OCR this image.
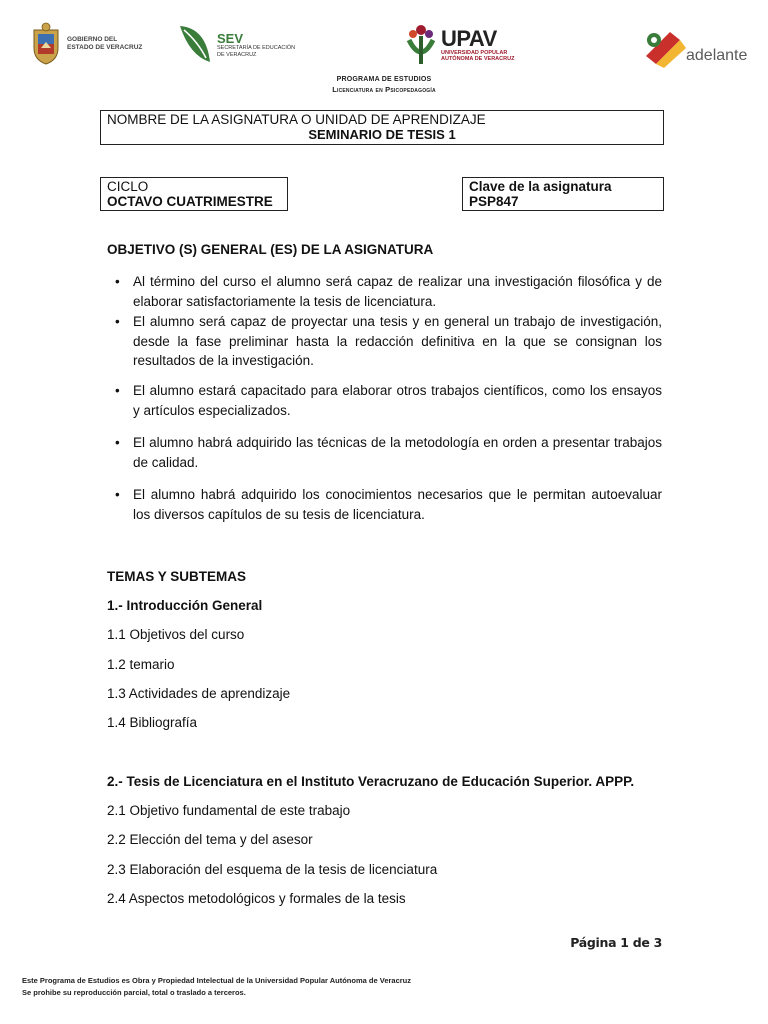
GOBIERNO DEL
ESTADO DE VERACRUZ
SEV
SECRETARÍA DE EDUCACIÓN
DE VERACRUZ
UPAV
UNIVERSIDAD POPULAR
AUTÓNOMA DE VERACRUZ	adelante
PROGRAMA DE ESTUDIOS
Licenciatura en Psicopedagogía
NOMBRE DE LA ASIGNATURA O UNIDAD DE APRENDIZAJE
SEMINARIO DE TESIS 1
CICLO
OCTAVO CUATRIMESTRE
Clave de la asignatura
PSP847
OBJETIVO (S) GENERAL (ES) DE LA ASIGNATURA
• Al término del curso el alumno será capaz de realizar una investigación filosófica y de elaborar satisfactoriamente la tesis de licenciatura.
• El alumno será capaz de proyectar una tesis y en general un trabajo de investigación, desde la fase preliminar hasta la redacción definitiva en la que se consignan los resultados de la investigación.
• El alumno estará capacitado para elaborar otros trabajos científicos, como los ensayos y artículos especializados.
• El alumno habrá adquirido las técnicas de la metodología en orden a presentar trabajos de calidad.
• El alumno habrá adquirido los conocimientos necesarios que le permitan autoevaluar los diversos capítulos de su tesis de licenciatura.
TEMAS Y SUBTEMAS
1.- Introducción General
1.1 Objetivos del curso
1.2 temario
1.3 Actividades de aprendizaje
1.4 Bibliografía
2.- Tesis de Licenciatura en el Instituto Veracruzano de Educación Superior. APPP.
2.1 Objetivo fundamental de este trabajo
2.2 Elección del tema y del asesor
2.3 Elaboración del esquema de la tesis de licenciatura
2.4 Aspectos metodológicos y formales de la tesis
Página 1 de 3
Este Programa de Estudios es Obra y Propiedad Intelectual de la Universidad Popular Autónoma de Veracruz
Se prohibe su reproducción parcial, total o traslado a terceros.
